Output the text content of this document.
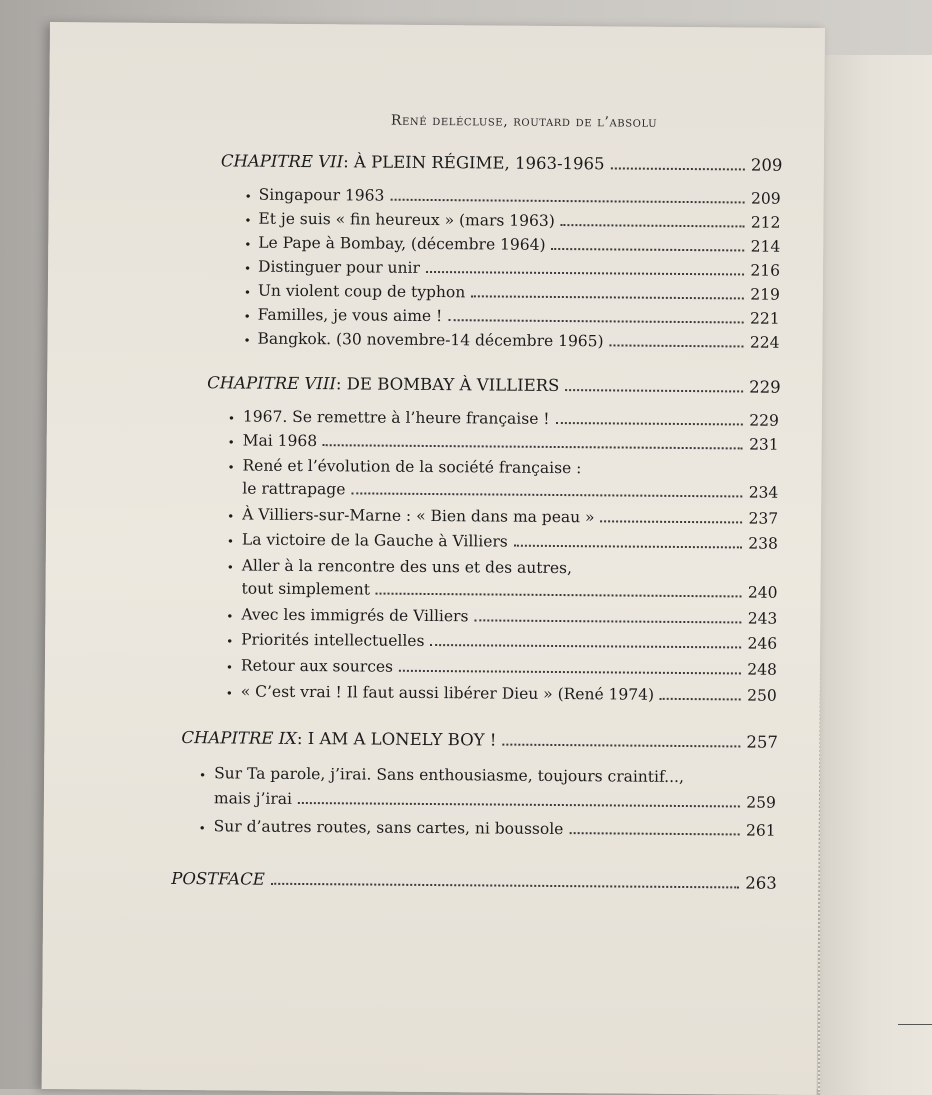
René delécluse, routard de l’absolu
CHAPITRE VII : À PLEIN RÉGIME, 1963-1965	209
Singapour 1963	209
Et je suis « fin heureux » (mars 1963)	212
Le Pape à Bombay, (décembre 1964)	214
Distinguer pour unir	216
Un violent coup de typhon	219
Familles, je vous aime !	221
Bangkok. (30 novembre-14 décembre 1965)	224
•
•
•
•
•
•
•
CHAPITRE VIII : DE BOMBAY À VILLIERS	229
1967. Se remettre à l’heure française !	229
Mai 1968	231
René et l’évolution de la société française :
le rattrapage	234
À Villiers-sur-Marne : « Bien dans ma peau »	237
La victoire de la Gauche à Villiers	238
Aller à la rencontre des uns et des autres,
tout simplement	240
Avec les immigrés de Villiers	243
Priorités intellectuelles	246
Retour aux sources	248
« C’est vrai ! Il faut aussi libérer Dieu » (René 1974)	250
•
•
•
•
•
•
•
•
•
•
CHAPITRE IX : I AM A LONELY BOY !	257
Sur Ta parole, j’irai. Sans enthousiasme, toujours craintif...,
mais j’irai	259
Sur d’autres routes, sans cartes, ni boussole	261
•
•
POSTFACE	263
